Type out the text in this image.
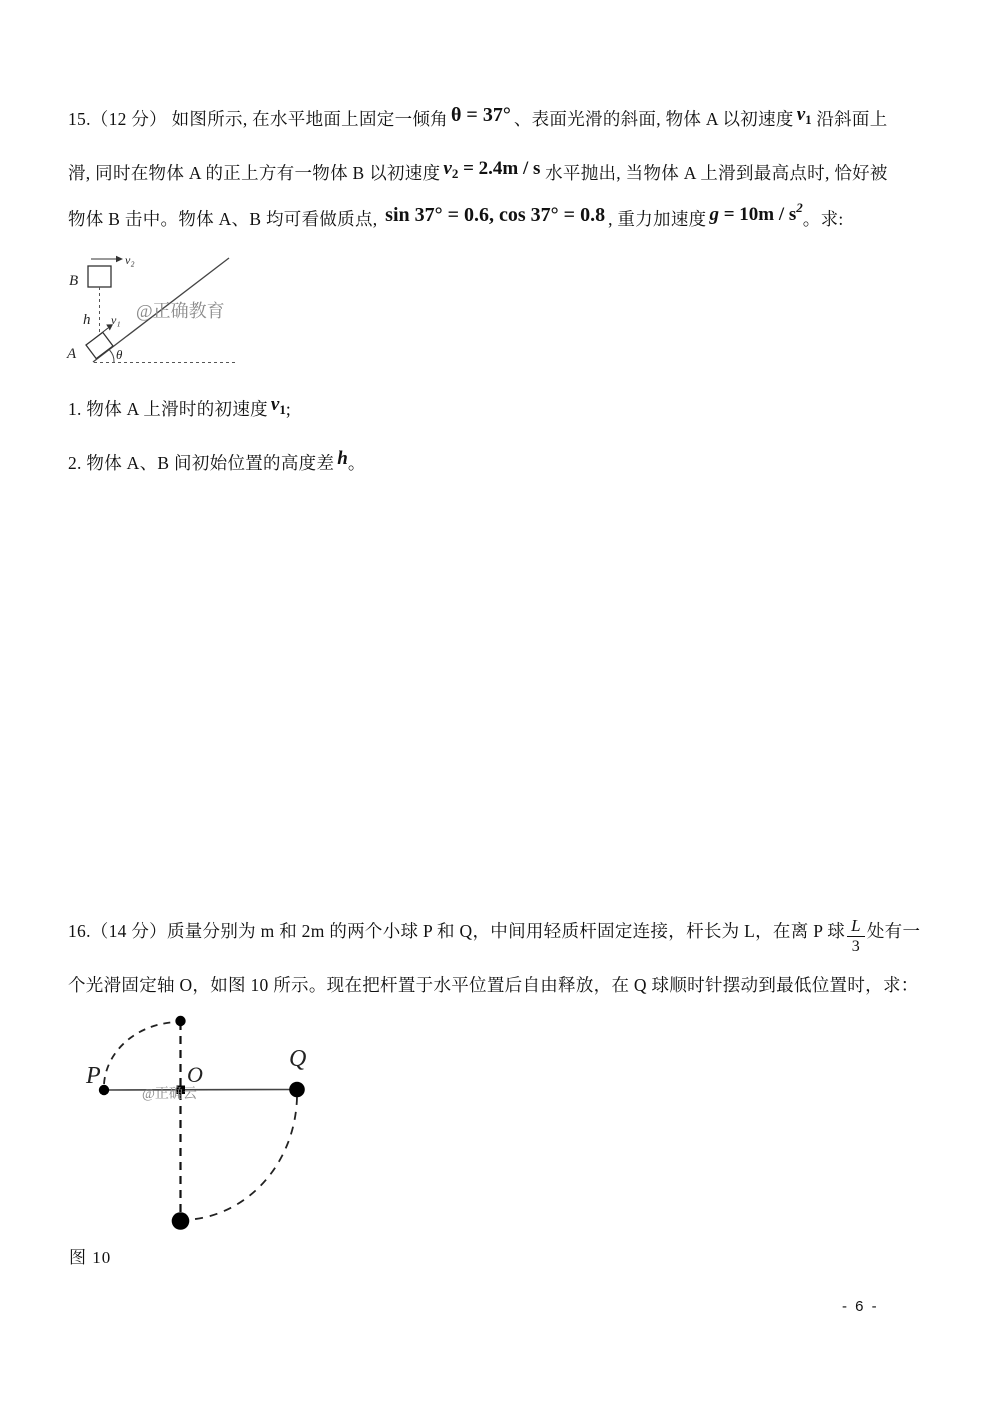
15.（12 分） 如图所示, 在水平地面上固定一倾角 θ = 37° 、表面光滑的斜面, 物体 A 以初速度 $v_1$ 沿斜面上

滑, 同时在物体 A 的正上方有一物体 B 以初速度 $v_2 = 2.4m / s$ 水平抛出, 当物体 A 上滑到最高点时, 恰好被

物体 B 击中。物体 A、B 均可看做质点, sin 37° = 0.6, cos 37° = 0.8 , 重力加速度 $g = 10m / s^2$。求:

θ
B
v₂
h v₁
A
@正确教育

1. 物体 A 上滑时的初速度 $v_1$;

2. 物体 A、B 间初始位置的高度差 h。

16.（14 分）质量分别为 m 和 2m 的两个小球 P 和 Q，中间用轻质杆固定连接，杆长为 L，在离 P 球 $\frac{L}{3}$ 处有一

个光滑固定轴 O，如图 10 所示。现在把杆置于水平位置后自由释放，在 Q 球顺时针摆动到最低位置时，求：

P	O
Q
@正确云

图 10

- 6 -
